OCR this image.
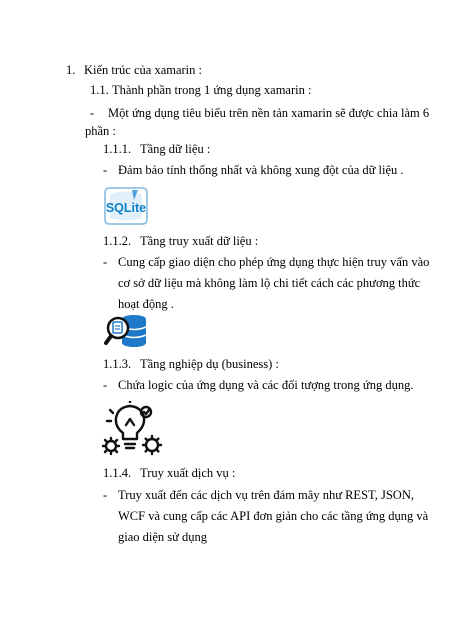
1. Kiến trúc của xamarin :
1.1. Thành phần trong 1 ứng dụng xamarin :
- Một ứng dụng tiêu biểu trên nền tản xamarin sẽ được chia làm 6
phần :
1.1.1. Tầng dữ liệu :
- Đảm bảo tính thống nhất và không xung đột của dữ liệu .
SQLite
1.1.2. Tầng truy xuất dữ liệu :
- Cung cấp giao diện cho phép ứng dụng thực hiện truy vấn vào
cơ sở dữ liệu mà không làm lộ chi tiết cách các phương thức
hoạt động .
1.1.3. Tầng nghiệp dụ (business) :
- Chứa logic của ứng dụng và các đối tượng trong ứng dụng.
1.1.4. Truy xuất dịch vụ :
- Truy xuất đến các dịch vụ trên đám mây như REST, JSON,
WCF và cung cấp các API đơn giản cho các tầng ứng dụng và
giao diện sử dụng
